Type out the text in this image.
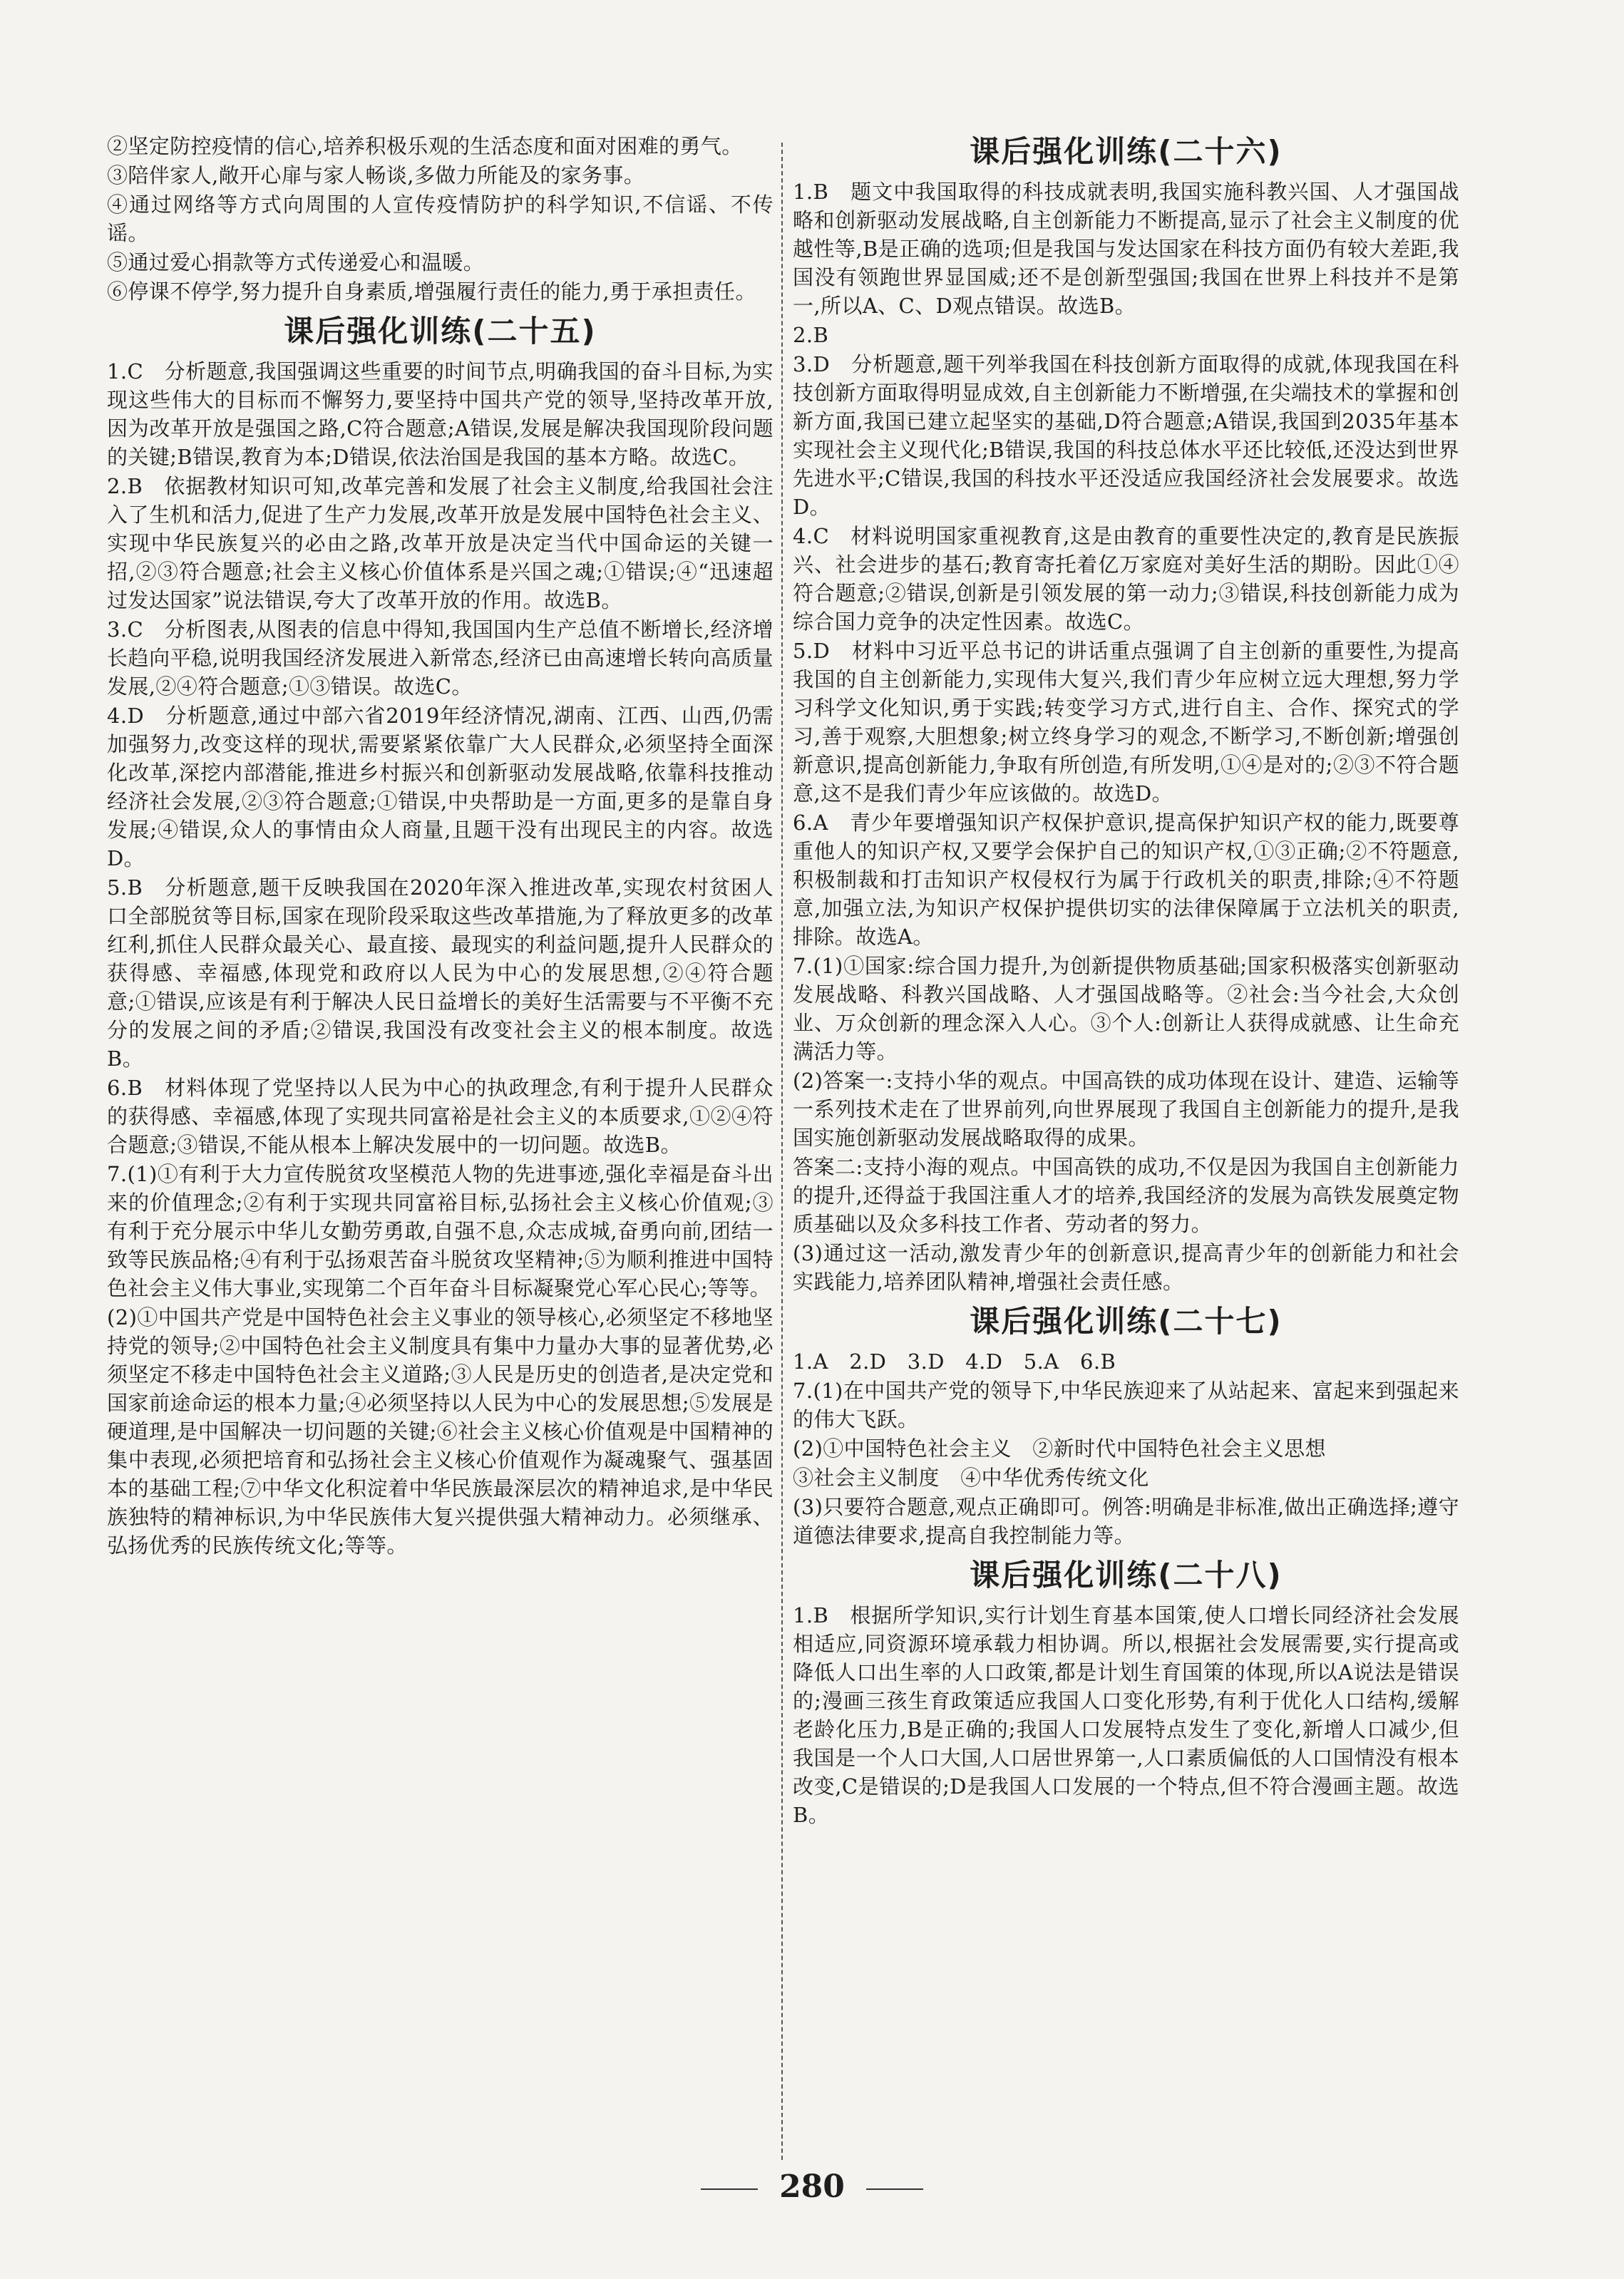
②坚定防控疫情的信心,培养积极乐观的生活态度和面对困难的勇气。

③陪伴家人,敞开心扉与家人畅谈,多做力所能及的家务事。

④通过网络等方式向周围的人宣传疫情防护的科学知识,不信谣、不传谣。

⑤通过爱心捐款等方式传递爱心和温暖。

⑥停课不停学,努力提升自身素质,增强履行责任的能力,勇于承担责任。

课后强化训练(二十五)

1.C　分析题意,我国强调这些重要的时间节点,明确我国的奋斗目标,为实现这些伟大的目标而不懈努力,要坚持中国共产党的领导,坚持改革开放,因为改革开放是强国之路,C符合题意;A错误,发展是解决我国现阶段问题的关键;B错误,教育为本;D错误,依法治国是我国的基本方略。故选C。

2.B　依据教材知识可知,改革完善和发展了社会主义制度,给我国社会注入了生机和活力,促进了生产力发展,改革开放是发展中国特色社会主义、实现中华民族复兴的必由之路,改革开放是决定当代中国命运的关键一招,②③符合题意;社会主义核心价值体系是兴国之魂;①错误;④“迅速超过发达国家”说法错误,夸大了改革开放的作用。故选B。

3.C　分析图表,从图表的信息中得知,我国国内生产总值不断增长,经济增长趋向平稳,说明我国经济发展进入新常态,经济已由高速增长转向高质量发展,②④符合题意;①③错误。故选C。

4.D　分析题意,通过中部六省2019年经济情况,湖南、江西、山西,仍需加强努力,改变这样的现状,需要紧紧依靠广大人民群众,必须坚持全面深化改革,深挖内部潜能,推进乡村振兴和创新驱动发展战略,依靠科技推动经济社会发展,②③符合题意;①错误,中央帮助是一方面,更多的是靠自身发展;④错误,众人的事情由众人商量,且题干没有出现民主的内容。故选D。

5.B　分析题意,题干反映我国在2020年深入推进改革,实现农村贫困人口全部脱贫等目标,国家在现阶段采取这些改革措施,为了释放更多的改革红利,抓住人民群众最关心、最直接、最现实的利益问题,提升人民群众的获得感、幸福感,体现党和政府以人民为中心的发展思想,②④符合题意;①错误,应该是有利于解决人民日益增长的美好生活需要与不平衡不充分的发展之间的矛盾;②错误,我国没有改变社会主义的根本制度。故选B。

6.B　材料体现了党坚持以人民为中心的执政理念,有利于提升人民群众的获得感、幸福感,体现了实现共同富裕是社会主义的本质要求,①②④符合题意;③错误,不能从根本上解决发展中的一切问题。故选B。

7.(1)①有利于大力宣传脱贫攻坚模范人物的先进事迹,强化幸福是奋斗出来的价值理念;②有利于实现共同富裕目标,弘扬社会主义核心价值观;③有利于充分展示中华儿女勤劳勇敢,自强不息,众志成城,奋勇向前,团结一致等民族品格;④有利于弘扬艰苦奋斗脱贫攻坚精神;⑤为顺利推进中国特色社会主义伟大事业,实现第二个百年奋斗目标凝聚党心军心民心;等等。

(2)①中国共产党是中国特色社会主义事业的领导核心,必须坚定不移地坚持党的领导;②中国特色社会主义制度具有集中力量办大事的显著优势,必须坚定不移走中国特色社会主义道路;③人民是历史的创造者,是决定党和国家前途命运的根本力量;④必须坚持以人民为中心的发展思想;⑤发展是硬道理,是中国解决一切问题的关键;⑥社会主义核心价值观是中国精神的集中表现,必须把培育和弘扬社会主义核心价值观作为凝魂聚气、强基固本的基础工程;⑦中华文化积淀着中华民族最深层次的精神追求,是中华民族独特的精神标识,为中华民族伟大复兴提供强大精神动力。必须继承、弘扬优秀的民族传统文化;等等。

课后强化训练(二十六)

1.B　题文中我国取得的科技成就表明,我国实施科教兴国、人才强国战略和创新驱动发展战略,自主创新能力不断提高,显示了社会主义制度的优越性等,B是正确的选项;但是我国与发达国家在科技方面仍有较大差距,我国没有领跑世界显国威;还不是创新型强国;我国在世界上科技并不是第一,所以A、C、D观点错误。故选B。

2.B

3.D　分析题意,题干列举我国在科技创新方面取得的成就,体现我国在科技创新方面取得明显成效,自主创新能力不断增强,在尖端技术的掌握和创新方面,我国已建立起坚实的基础,D符合题意;A错误,我国到2035年基本实现社会主义现代化;B错误,我国的科技总体水平还比较低,还没达到世界先进水平;C错误,我国的科技水平还没适应我国经济社会发展要求。故选D。

4.C　材料说明国家重视教育,这是由教育的重要性决定的,教育是民族振兴、社会进步的基石;教育寄托着亿万家庭对美好生活的期盼。因此①④符合题意;②错误,创新是引领发展的第一动力;③错误,科技创新能力成为综合国力竞争的决定性因素。故选C。

5.D　材料中习近平总书记的讲话重点强调了自主创新的重要性,为提高我国的自主创新能力,实现伟大复兴,我们青少年应树立远大理想,努力学习科学文化知识,勇于实践;转变学习方式,进行自主、合作、探究式的学习,善于观察,大胆想象;树立终身学习的观念,不断学习,不断创新;增强创新意识,提高创新能力,争取有所创造,有所发明,①④是对的;②③不符合题意,这不是我们青少年应该做的。故选D。

6.A　青少年要增强知识产权保护意识,提高保护知识产权的能力,既要尊重他人的知识产权,又要学会保护自己的知识产权,①③正确;②不符题意,积极制裁和打击知识产权侵权行为属于行政机关的职责,排除;④不符题意,加强立法,为知识产权保护提供切实的法律保障属于立法机关的职责,排除。故选A。

7.(1)①国家:综合国力提升,为创新提供物质基础;国家积极落实创新驱动发展战略、科教兴国战略、人才强国战略等。②社会:当今社会,大众创业、万众创新的理念深入人心。③个人:创新让人获得成就感、让生命充满活力等。

(2)答案一:支持小华的观点。中国高铁的成功体现在设计、建造、运输等一系列技术走在了世界前列,向世界展现了我国自主创新能力的提升,是我国实施创新驱动发展战略取得的成果。

答案二:支持小海的观点。中国高铁的成功,不仅是因为我国自主创新能力的提升,还得益于我国注重人才的培养,我国经济的发展为高铁发展奠定物质基础以及众多科技工作者、劳动者的努力。

(3)通过这一活动,激发青少年的创新意识,提高青少年的创新能力和社会实践能力,培养团队精神,增强社会责任感。

课后强化训练(二十七)

1.A　2.D　3.D　4.D　5.A　6.B

7.(1)在中国共产党的领导下,中华民族迎来了从站起来、富起来到强起来的伟大飞跃。

(2)①中国特色社会主义　②新时代中国特色社会主义思想

③社会主义制度　④中华优秀传统文化

(3)只要符合题意,观点正确即可。例答:明确是非标准,做出正确选择;遵守道德法律要求,提高自我控制能力等。

课后强化训练(二十八)

1.B　根据所学知识,实行计划生育基本国策,使人口增长同经济社会发展相适应,同资源环境承载力相协调。所以,根据社会发展需要,实行提高或降低人口出生率的人口政策,都是计划生育国策的体现,所以A说法是错误的;漫画三孩生育政策适应我国人口变化形势,有利于优化人口结构,缓解老龄化压力,B是正确的;我国人口发展特点发生了变化,新增人口减少,但我国是一个人口大国,人口居世界第一,人口素质偏低的人口国情没有根本改变,C是错误的;D是我国人口发展的一个特点,但不符合漫画主题。故选B。

280
